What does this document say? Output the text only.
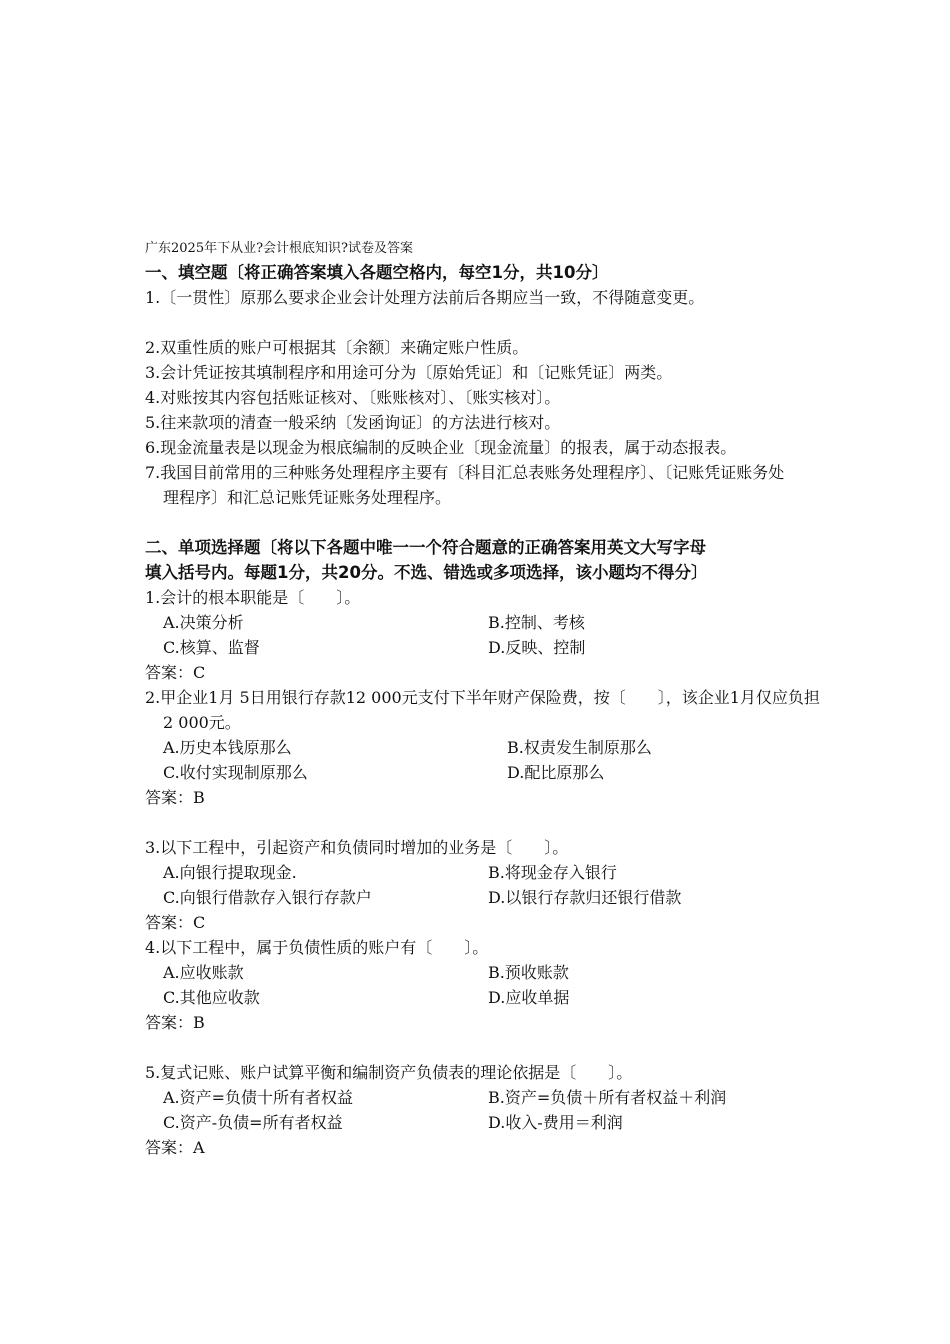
广东2025年下从业?会计根底知识?试卷及答案
一、填空题〔将正确答案填入各题空格内，每空1分，共10分〕
1.〔一贯性〕原那么要求企业会计处理方法前后各期应当一致，不得随意变更。
2.双重性质的账户可根据其〔余额〕来确定账户性质。
3.会计凭证按其填制程序和用途可分为〔原始凭证〕和〔记账凭证〕两类。
4.对账按其内容包括账证核对、〔账账核对〕、〔账实核对〕。
5.往来款项的清查一般采纳〔发函询证〕的方法进行核对。
6.现金流量表是以现金为根底编制的反映企业〔现金流量〕的报表，属于动态报表。
7.我国目前常用的三种账务处理程序主要有〔科目汇总表账务处理程序〕、〔记账凭证账务处理程序〕和汇总记账凭证账务处理程序。
二、单项选择题〔将以下各题中唯一一个符合题意的正确答案用英文大写字母
填入括号内。每题1分，共20分。不选、错选或多项选择，该小题均不得分〕
1.会计的根本职能是〔　　〕。
A.决策分析	B.控制、考核
C.核算、监督	D.反映、控制
答案：C
2.甲企业1月 5日用银行存款12 000元支付下半年财产保险费，按〔　　〕，该企业1月仅应负担2 000元。
A.历史本钱原那么	B.权责发生制原那么
C.收付实现制原那么	D.配比原那么
答案：B
3.以下工程中，引起资产和负债同时增加的业务是〔　　〕。
A.向银行提取现金.	B.将现金存入银行
C.向银行借款存入银行存款户	D.以银行存款归还银行借款
答案：C
4.以下工程中，属于负债性质的账户有〔　　〕。
A.应收账款	B.预收账款
C.其他应收款	D.应收单据
答案：B
5.复式记账、账户试算平衡和编制资产负债表的理论依据是〔　　〕。
A.资产=负债十所有者权益	B.资产=负债＋所有者权益＋利润
C.资产-负债=所有者权益	D.收入-费用＝利润
答案：A
